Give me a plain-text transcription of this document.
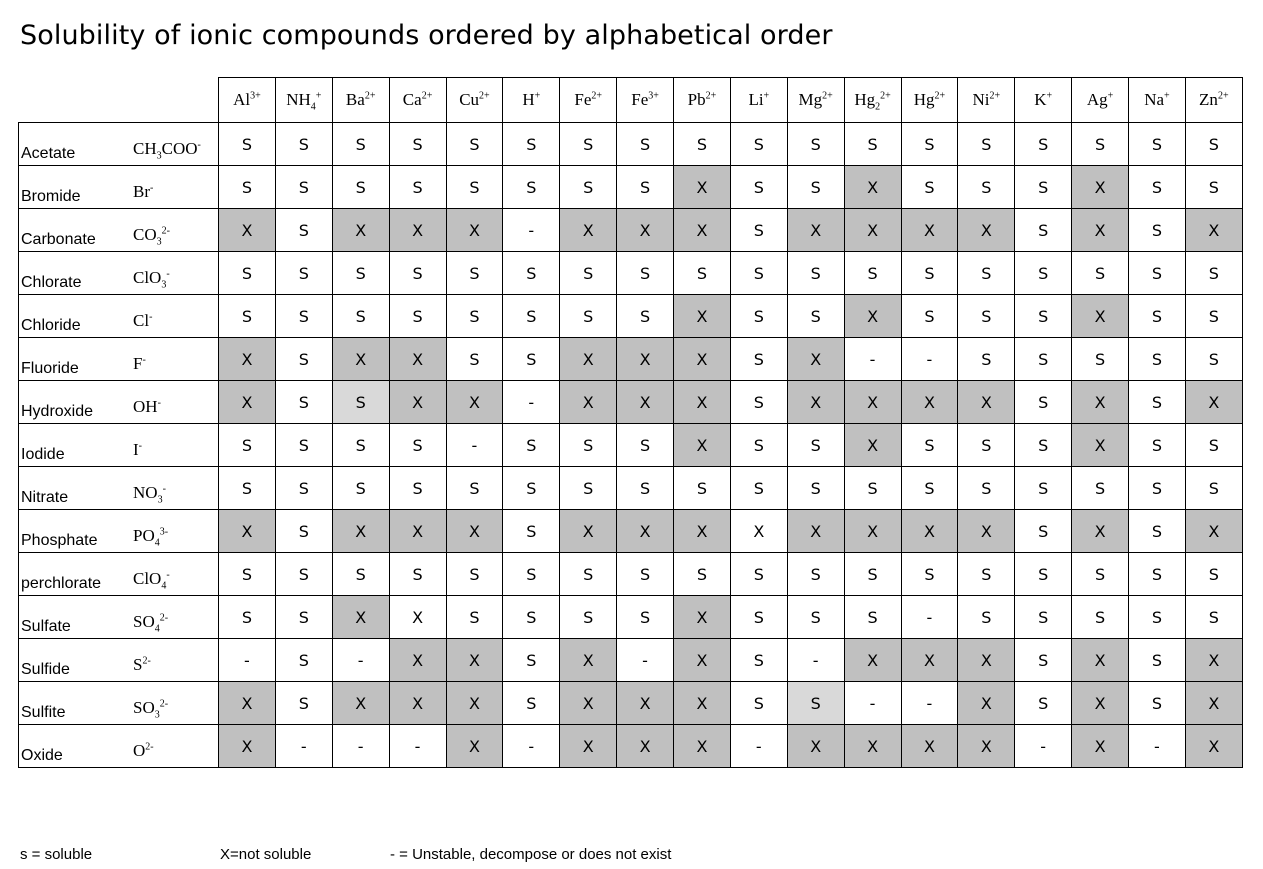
Solubility of ionic compounds ordered by alphabetical order
	$Al^{3+}$	$NH_4^+$	$Ba^{2+}$	$Ca^{2+}$	$Cu^{2+}$	H+	$Fe^{2+}$	$Fe^{3+}$	$Pb^{2+}$	Li+	$Mg^{2+}$	$Hg_2^{2+}$	$Hg^{2+}$	$Ni^{2+}$	K+	Ag+	Na+	$Zn^{2+}$

Acetate $CH_3COO^-$	S	S	S	S	S	S	S	S	S	S	S	S	S	S	S	S	S	S

Bromide Br-	S	S	S	S	S	S	S	S	X	S	S	X	S	S	S	X	S	S

Carbonate $CO_3^{2-}$	X	S	X	X	X	-	X	X	X	S	X	X	X	X	S	X	S	X

Chlorate ClO$_3$-	S	S	S	S	S	S	S	S	S	S	S	S	S	S	S	S	S	S

Chloride Cl-	S	S	S	S	S	S	S	S	X	S	S	X	S	S	S	X	S	S

Fluoride F-	X	S	X	X	S	S	X	X	X	S	X	-	-	S	S	S	S	S

Hydroxide OH-	X	S	S	X	X	-	X	X	X	S	X	X	X	X	S	X	S	X

Iodide I-	S	S	S	S	-	S	S	S	X	S	S	X	S	S	S	X	S	S

Nitrate $NO_3^-$	S	S	S	S	S	S	S	S	S	S	S	S	S	S	S	S	S	S

Phosphate $PO_4^{3-}$	X	S	X	X	X	S	X	X	X	X	X	X	X	X	S	X	S	X

perchlorate ClO$_4$-	S	S	S	S	S	S	S	S	S	S	S	S	S	S	S	S	S	S

Sulfate $SO_4^{2-}$	S	S	X	X	S	S	S	S	X	S	S	S	-	S	S	S	S	S

Sulfide $S^{2-}$	-	S	-	X	X	S	X	-	X	S	-	X	X	X	S	X	S	X

Sulfite $SO_3^{2-}$	X	S	X	X	X	S	X	X	X	S	S	-	-	X	S	X	S	X

Oxide $O^{2-}$	X	-	-	-	X	-	X	X	X	-	X	X	X	X	-	X	-	X
s = soluble	X=not soluble	- = Unstable, decompose or does not exist
